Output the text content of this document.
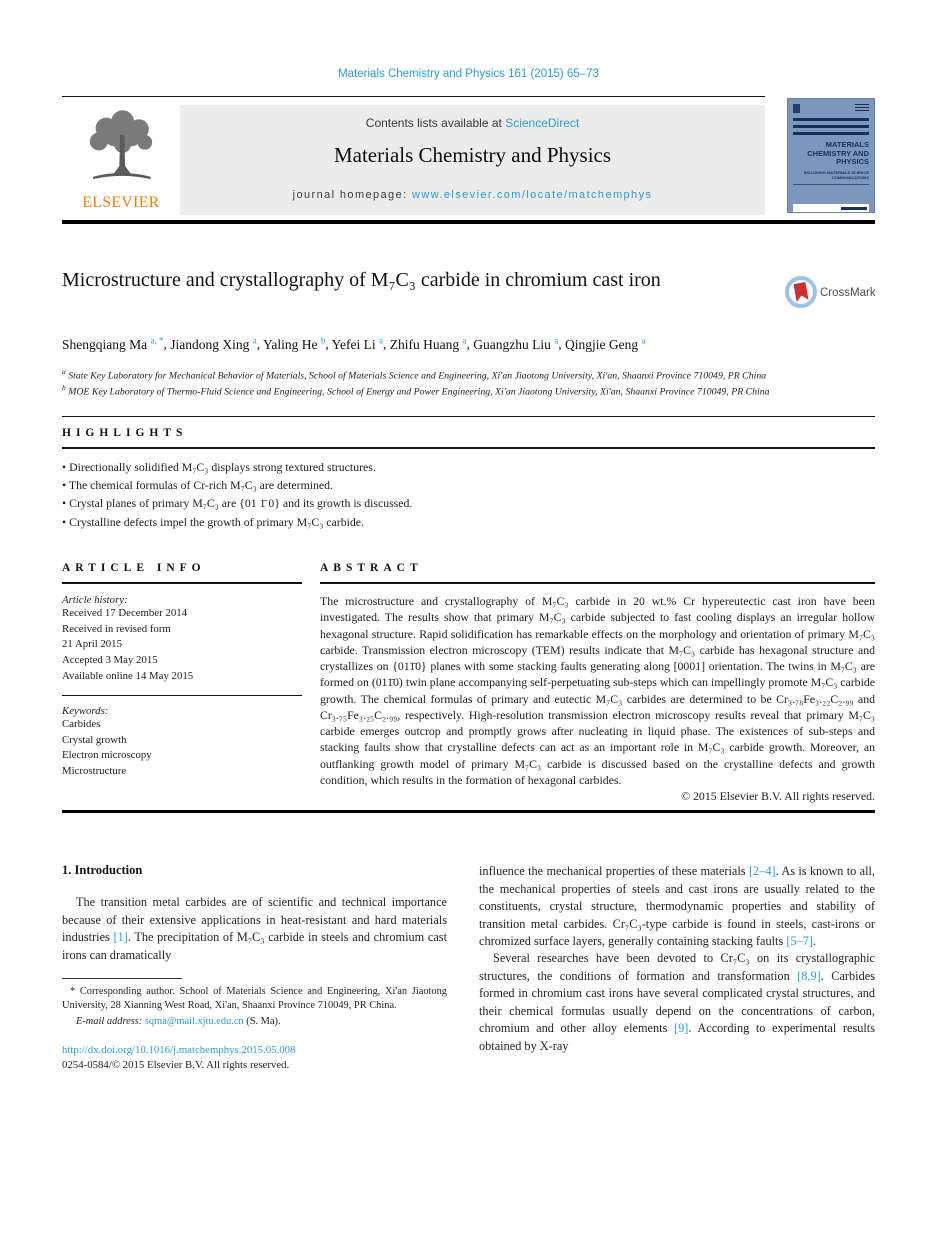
Materials Chemistry and Physics 161 (2015) 65–73
ELSEVIER
Contents lists available at ScienceDirect
Materials Chemistry and Physics
journal homepage: www.elsevier.com/locate/matchemphys
MATERIALS CHEMISTRY AND PHYSICS
INCLUDING MATERIALS SCIENCE COMMUNICATIONS
Microstructure and crystallography of M₇C₃ carbide in chromium cast iron
CrossMark
Shengqiang Ma $^{a, *}$, Jiandong Xing $^a$, Yaling He $^b$, Yefei Li $^a$, Zhifu Huang $^a$, Guangzhu Liu $^a$, Qingjie Geng $^a$
$^a$ State Key Laboratory for Mechanical Behavior of Materials, School of Materials Science and Engineering, Xi'an Jiaotong University, Xi'an, Shaanxi Province 710049, PR China
$^b$ MOE Key Laboratory of Thermo-Fluid Science and Engineering, School of Energy and Power Engineering, Xi'an Jiaotong University, Xi'an, Shaanxi Province 710049, PR China
HIGHLIGHTS
• Directionally solidified M₇C₃ displays strong textured structures.
• The chemical formulas of Cr-rich M₇C₃ are determined.
• Crystal planes of primary M₇C₃ are {01 1̄ 0} and its growth is discussed.
• Crystalline defects impel the growth of primary M₇C₃ carbide.
ARTICLE INFO
Article history:
Received 17 December 2014
Received in revised form
21 April 2015
Accepted 3 May 2015
Available online 14 May 2015
Keywords:
Carbides
Crystal growth
Electron microscopy
Microstructure
ABSTRACT

The microstructure and crystallography of M₇C₃ carbide in 20 wt.% Cr hypereutectic cast iron have been investigated. The results show that primary M₇C₃ carbide subjected to fast cooling displays an irregular hollow hexagonal structure. Rapid solidification has remarkable effects on the morphology and orientation of primary M₇C₃ carbide. Transmission electron microscopy (TEM) results indicate that M₇C₃ carbide has hexagonal structure and crystallizes on {011̄0} planes with some stacking faults generating along [0001] orientation. The twins in M₇C₃ are formed on (011̄0) twin plane accompanying self-perpetuating sub-steps which can impellingly promote M₇C₃ carbide growth. The chemical formulas of primary and eutectic M₇C₃ carbides are determined to be Cr₃.₇₈Fe₃.₂₂C₂.₉₉ and Cr₃.₇₅Fe₃.₂₅C₂.₉₉, respectively. High-resolution transmission electron microscopy results reveal that primary M₇C₃ carbide emerges outcrop and promptly grows after nucleating in liquid phase. The existences of sub-steps and stacking faults show that crystalline defects can act as an important role in M₇C₃ carbide growth. Moreover, an outflanking growth model of primary M₇C₃ carbide is discussed based on the crystalline defects and growth condition, which results in the formation of hexagonal carbides.

© 2015 Elsevier B.V. All rights reserved.
1. Introduction

The transition metal carbides are of scientific and technical importance because of their extensive applications in heat-resistant and hard materials industries [1]. The precipitation of M₇C₃ carbide in steels and chromium cast irons can dramatically

* Corresponding author. School of Materials Science and Engineering, Xi'an Jiaotong University, 28 Xianning West Road, Xi'an, Shaanxi Province 710049, PR China.

E-mail address: sqma@mail.xjtu.edu.cn (S. Ma).

http://dx.doi.org/10.1016/j.matchemphys.2015.05.008
0254-0584/© 2015 Elsevier B.V. All rights reserved.

influence the mechanical properties of these materials [2–4]. As is known to all, the mechanical properties of steels and cast irons are usually related to the constituents, crystal structure, thermodynamic properties and stability of transition metal carbides. Cr₇C₃-type carbide is found in steels, cast-irons or chromized surface layers, generally containing stacking faults [5–7].

Several researches have been devoted to Cr₇C₃ on its crystallographic structures, the conditions of formation and transformation [8,9]. Carbides formed in chromium cast irons have several complicated crystal structures, and their chemical formulas usually depend on the concentrations of carbon, chromium and other alloy elements [9]. According to experimental results obtained by X-ray
